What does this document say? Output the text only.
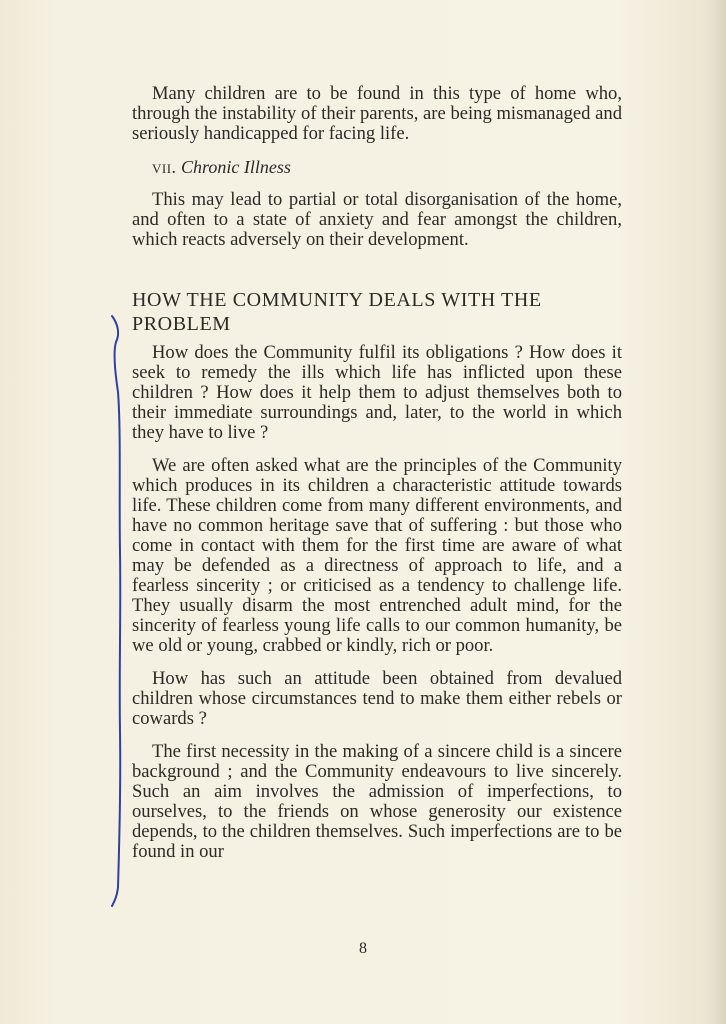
Many children are to be found in this type of home who, through the instability of their parents, are being mismanaged and seriously handicapped for facing life.

vii. Chronic Illness

This may lead to partial or total disorganisation of the home, and often to a state of anxiety and fear amongst the children, which reacts adversely on their development.

HOW THE COMMUNITY DEALS WITH THE PROBLEM

How does the Community fulfil its obligations ? How does it seek to remedy the ills which life has inflicted upon these children ? How does it help them to adjust themselves both to their immediate surroundings and, later, to the world in which they have to live ?

We are often asked what are the principles of the Community which produces in its children a characteristic attitude towards life. These children come from many different environments, and have no common heritage save that of suffering : but those who come in contact with them for the first time are aware of what may be defended as a directness of approach to life, and a fearless sincerity ; or criticised as a tendency to challenge life. They usually disarm the most entrenched adult mind, for the sincerity of fearless young life calls to our common humanity, be we old or young, crabbed or kindly, rich or poor.

How has such an attitude been obtained from devalued children whose circumstances tend to make them either rebels or cowards ?

The first necessity in the making of a sincere child is a sincere background ; and the Community endeavours to live sincerely. Such an aim involves the admission of imperfections, to ourselves, to the friends on whose generosity our existence depends, to the children themselves. Such imperfections are to be found in our

8
